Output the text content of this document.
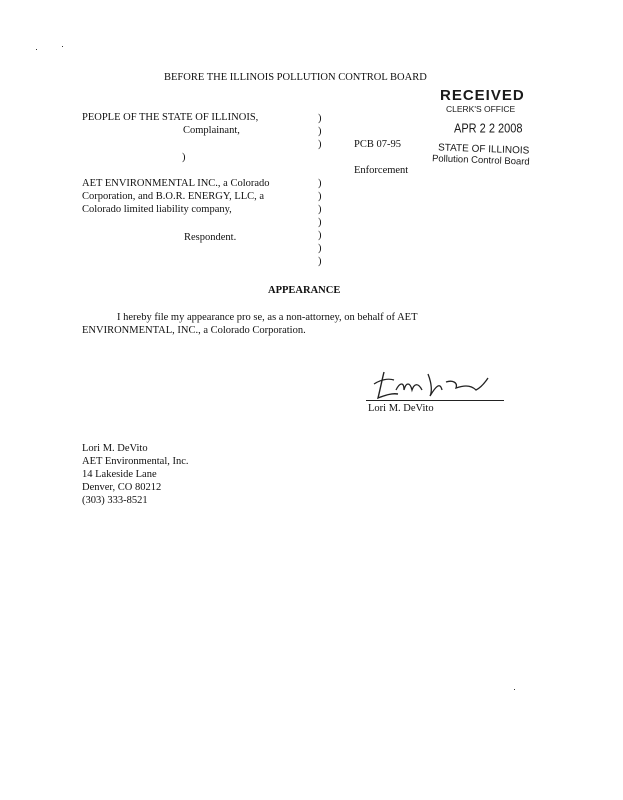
BEFORE THE ILLINOIS POLLUTION CONTROL BOARD
PEOPLE OF THE STATE OF ILLINOIS,
Complainant,
)
AET ENVIRONMENTAL INC., a Colorado
Corporation, and B.O.R. ENERGY, LLC, a
Colorado limited liability company,
Respondent.
)
)
)
)
)
)
)
)
)
)
PCB 07-95
Enforcement
RECEIVED
CLERK'S OFFICE
APR 2 2 2008
STATE OF ILLINOIS
Pollution Control Board
APPEARANCE
I hereby file my appearance pro se, as a non-attorney, on behalf of AET
ENVIRONMENTAL, INC., a Colorado Corporation.
Lori M. DeVito
Lori M. DeVito
AET Environmental, Inc.
14 Lakeside Lane
Denver, CO 80212
(303) 333-8521
